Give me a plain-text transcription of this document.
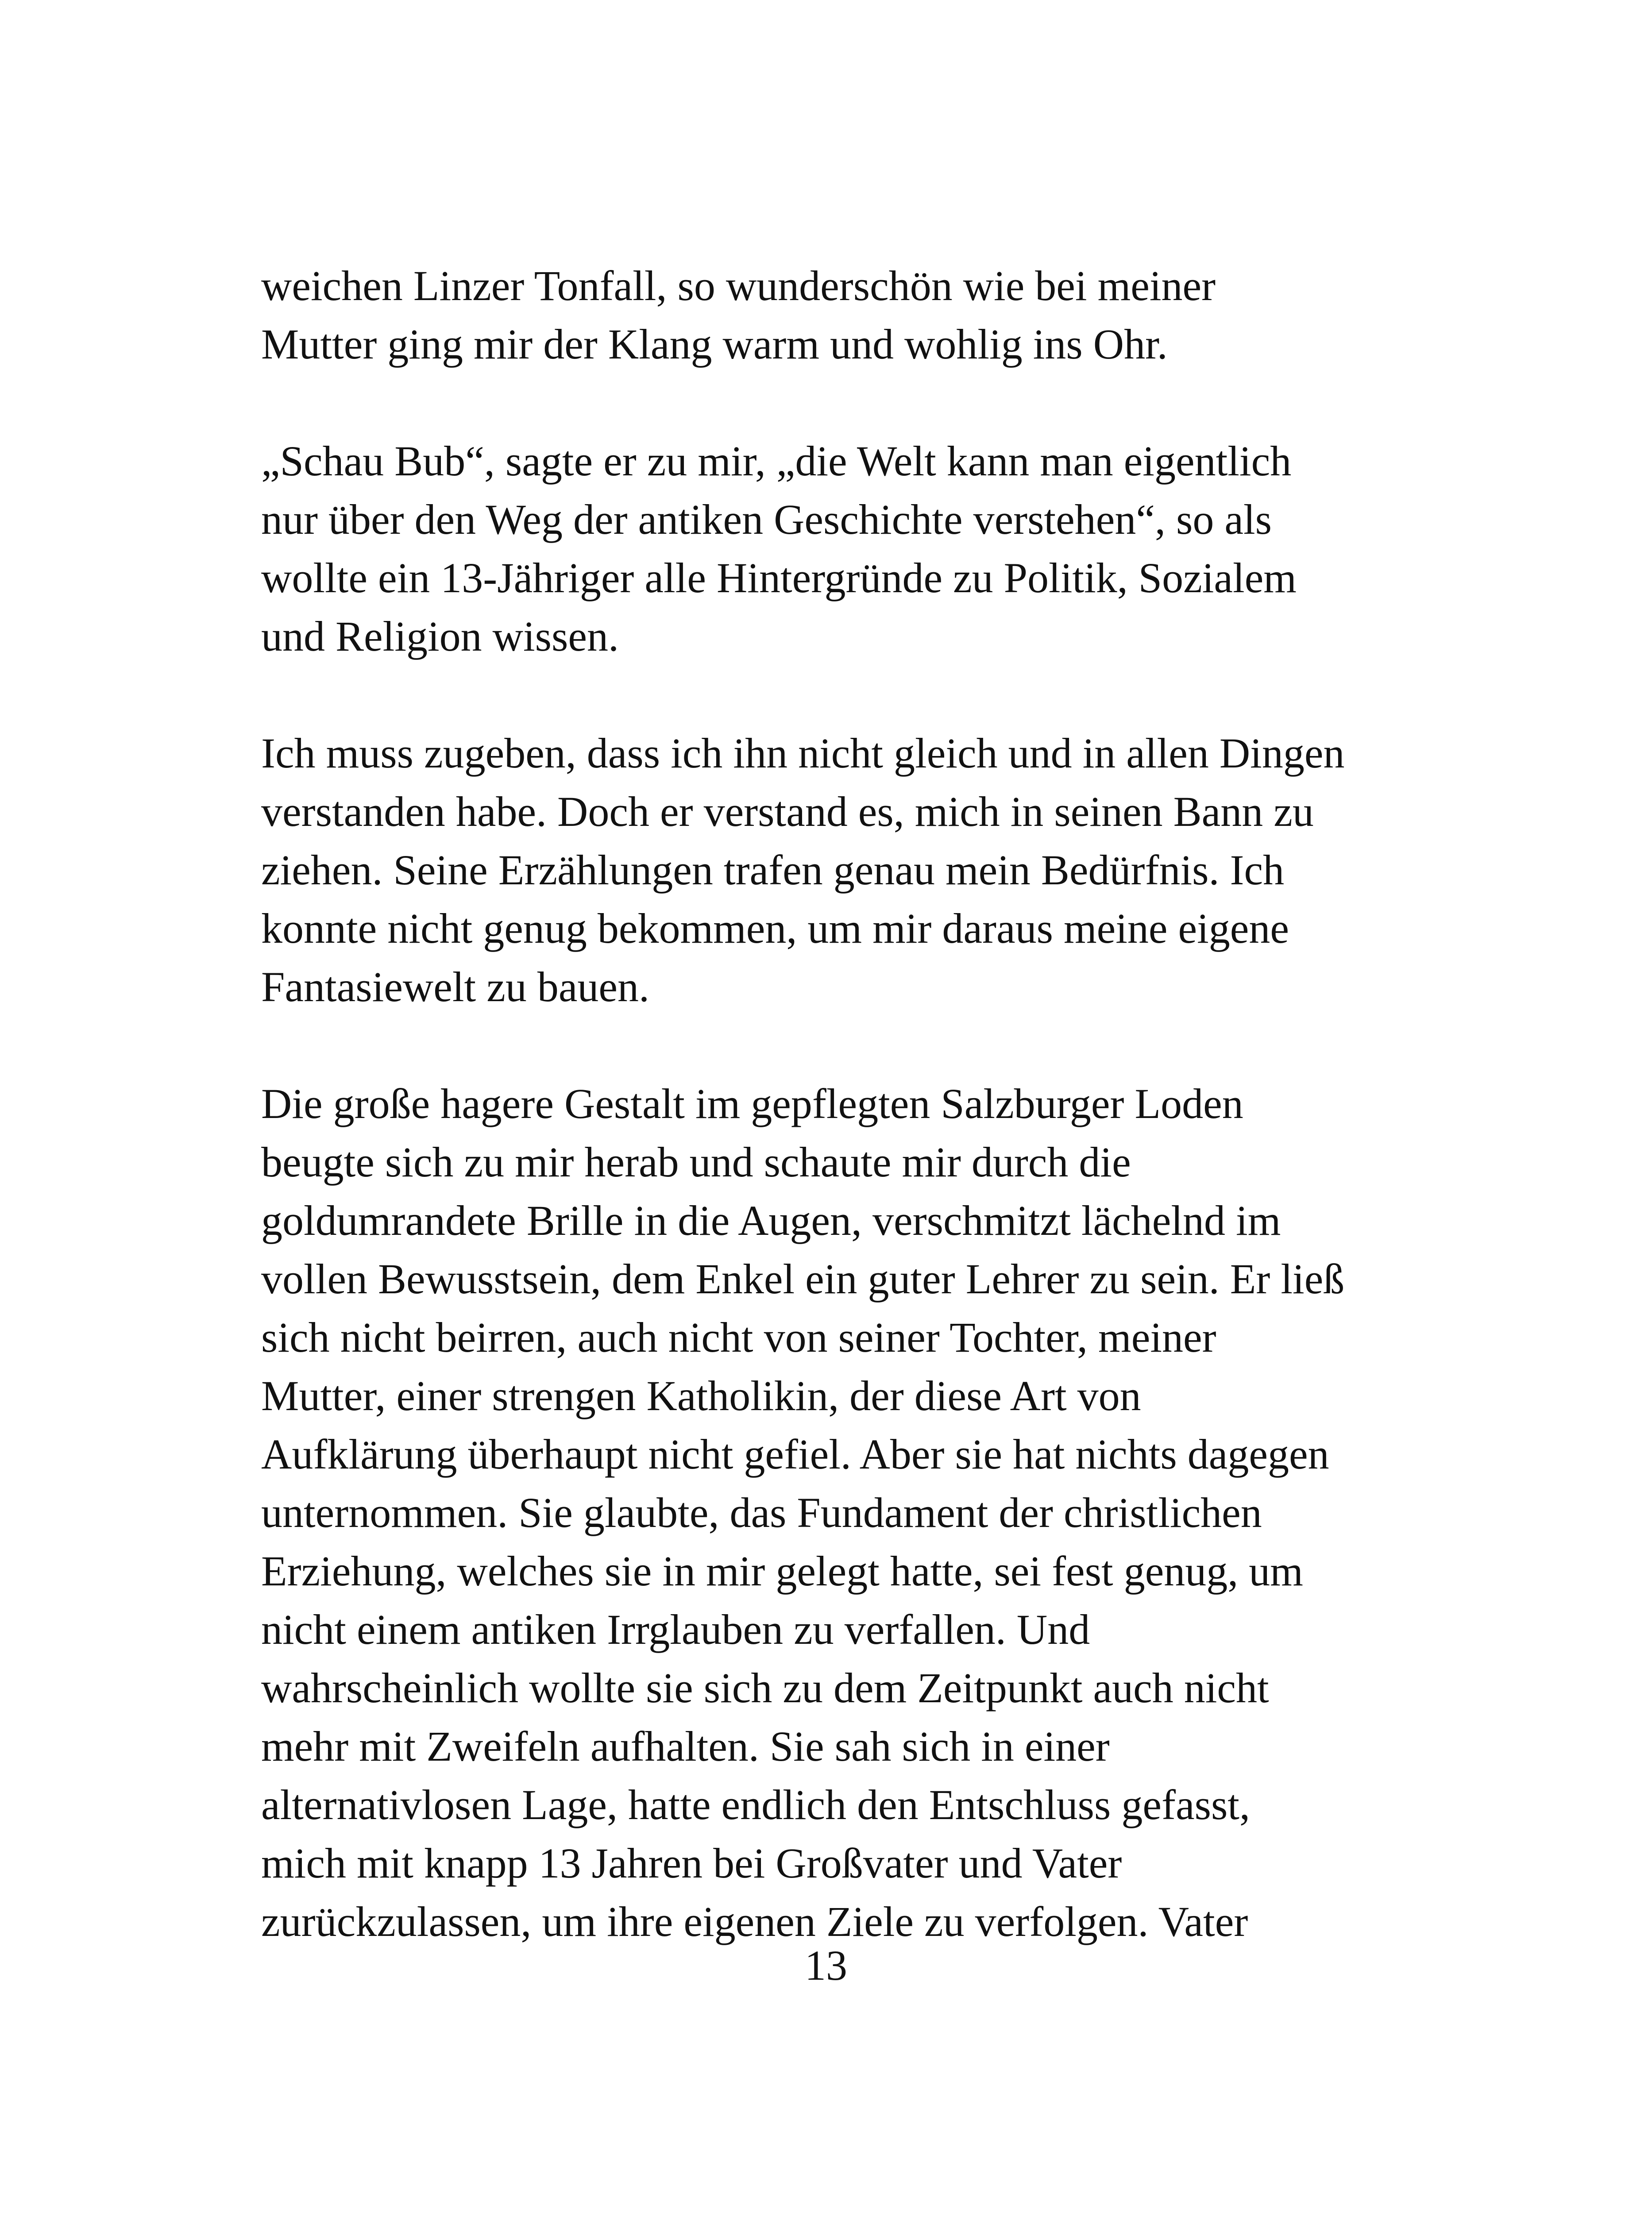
weichen Linzer Tonfall, so wunderschön wie bei meiner
Mutter ging mir der Klang warm und wohlig ins Ohr.

„Schau Bub“, sagte er zu mir, „die Welt kann man eigentlich
nur über den Weg der antiken Geschichte verstehen“, so als
wollte ein 13-Jähriger alle Hintergründe zu Politik, Sozialem
und Religion wissen.

Ich muss zugeben, dass ich ihn nicht gleich und in allen Dingen
verstanden habe. Doch er verstand es, mich in seinen Bann zu
ziehen. Seine Erzählungen trafen genau mein Bedürfnis. Ich
konnte nicht genug bekommen, um mir daraus meine eigene
Fantasiewelt zu bauen.

Die große hagere Gestalt im gepflegten Salzburger Loden
beugte sich zu mir herab und schaute mir durch die
goldumrandete Brille in die Augen, verschmitzt lächelnd im
vollen Bewusstsein, dem Enkel ein guter Lehrer zu sein. Er ließ
sich nicht beirren, auch nicht von seiner Tochter, meiner
Mutter, einer strengen Katholikin, der diese Art von
Aufklärung überhaupt nicht gefiel. Aber sie hat nichts dagegen
unternommen. Sie glaubte, das Fundament der christlichen
Erziehung, welches sie in mir gelegt hatte, sei fest genug, um
nicht einem antiken Irrglauben zu verfallen. Und
wahrscheinlich wollte sie sich zu dem Zeitpunkt auch nicht
mehr mit Zweifeln aufhalten. Sie sah sich in einer
alternativlosen Lage, hatte endlich den Entschluss gefasst,
mich mit knapp 13 Jahren bei Großvater und Vater
zurückzulassen, um ihre eigenen Ziele zu verfolgen. Vater

13
